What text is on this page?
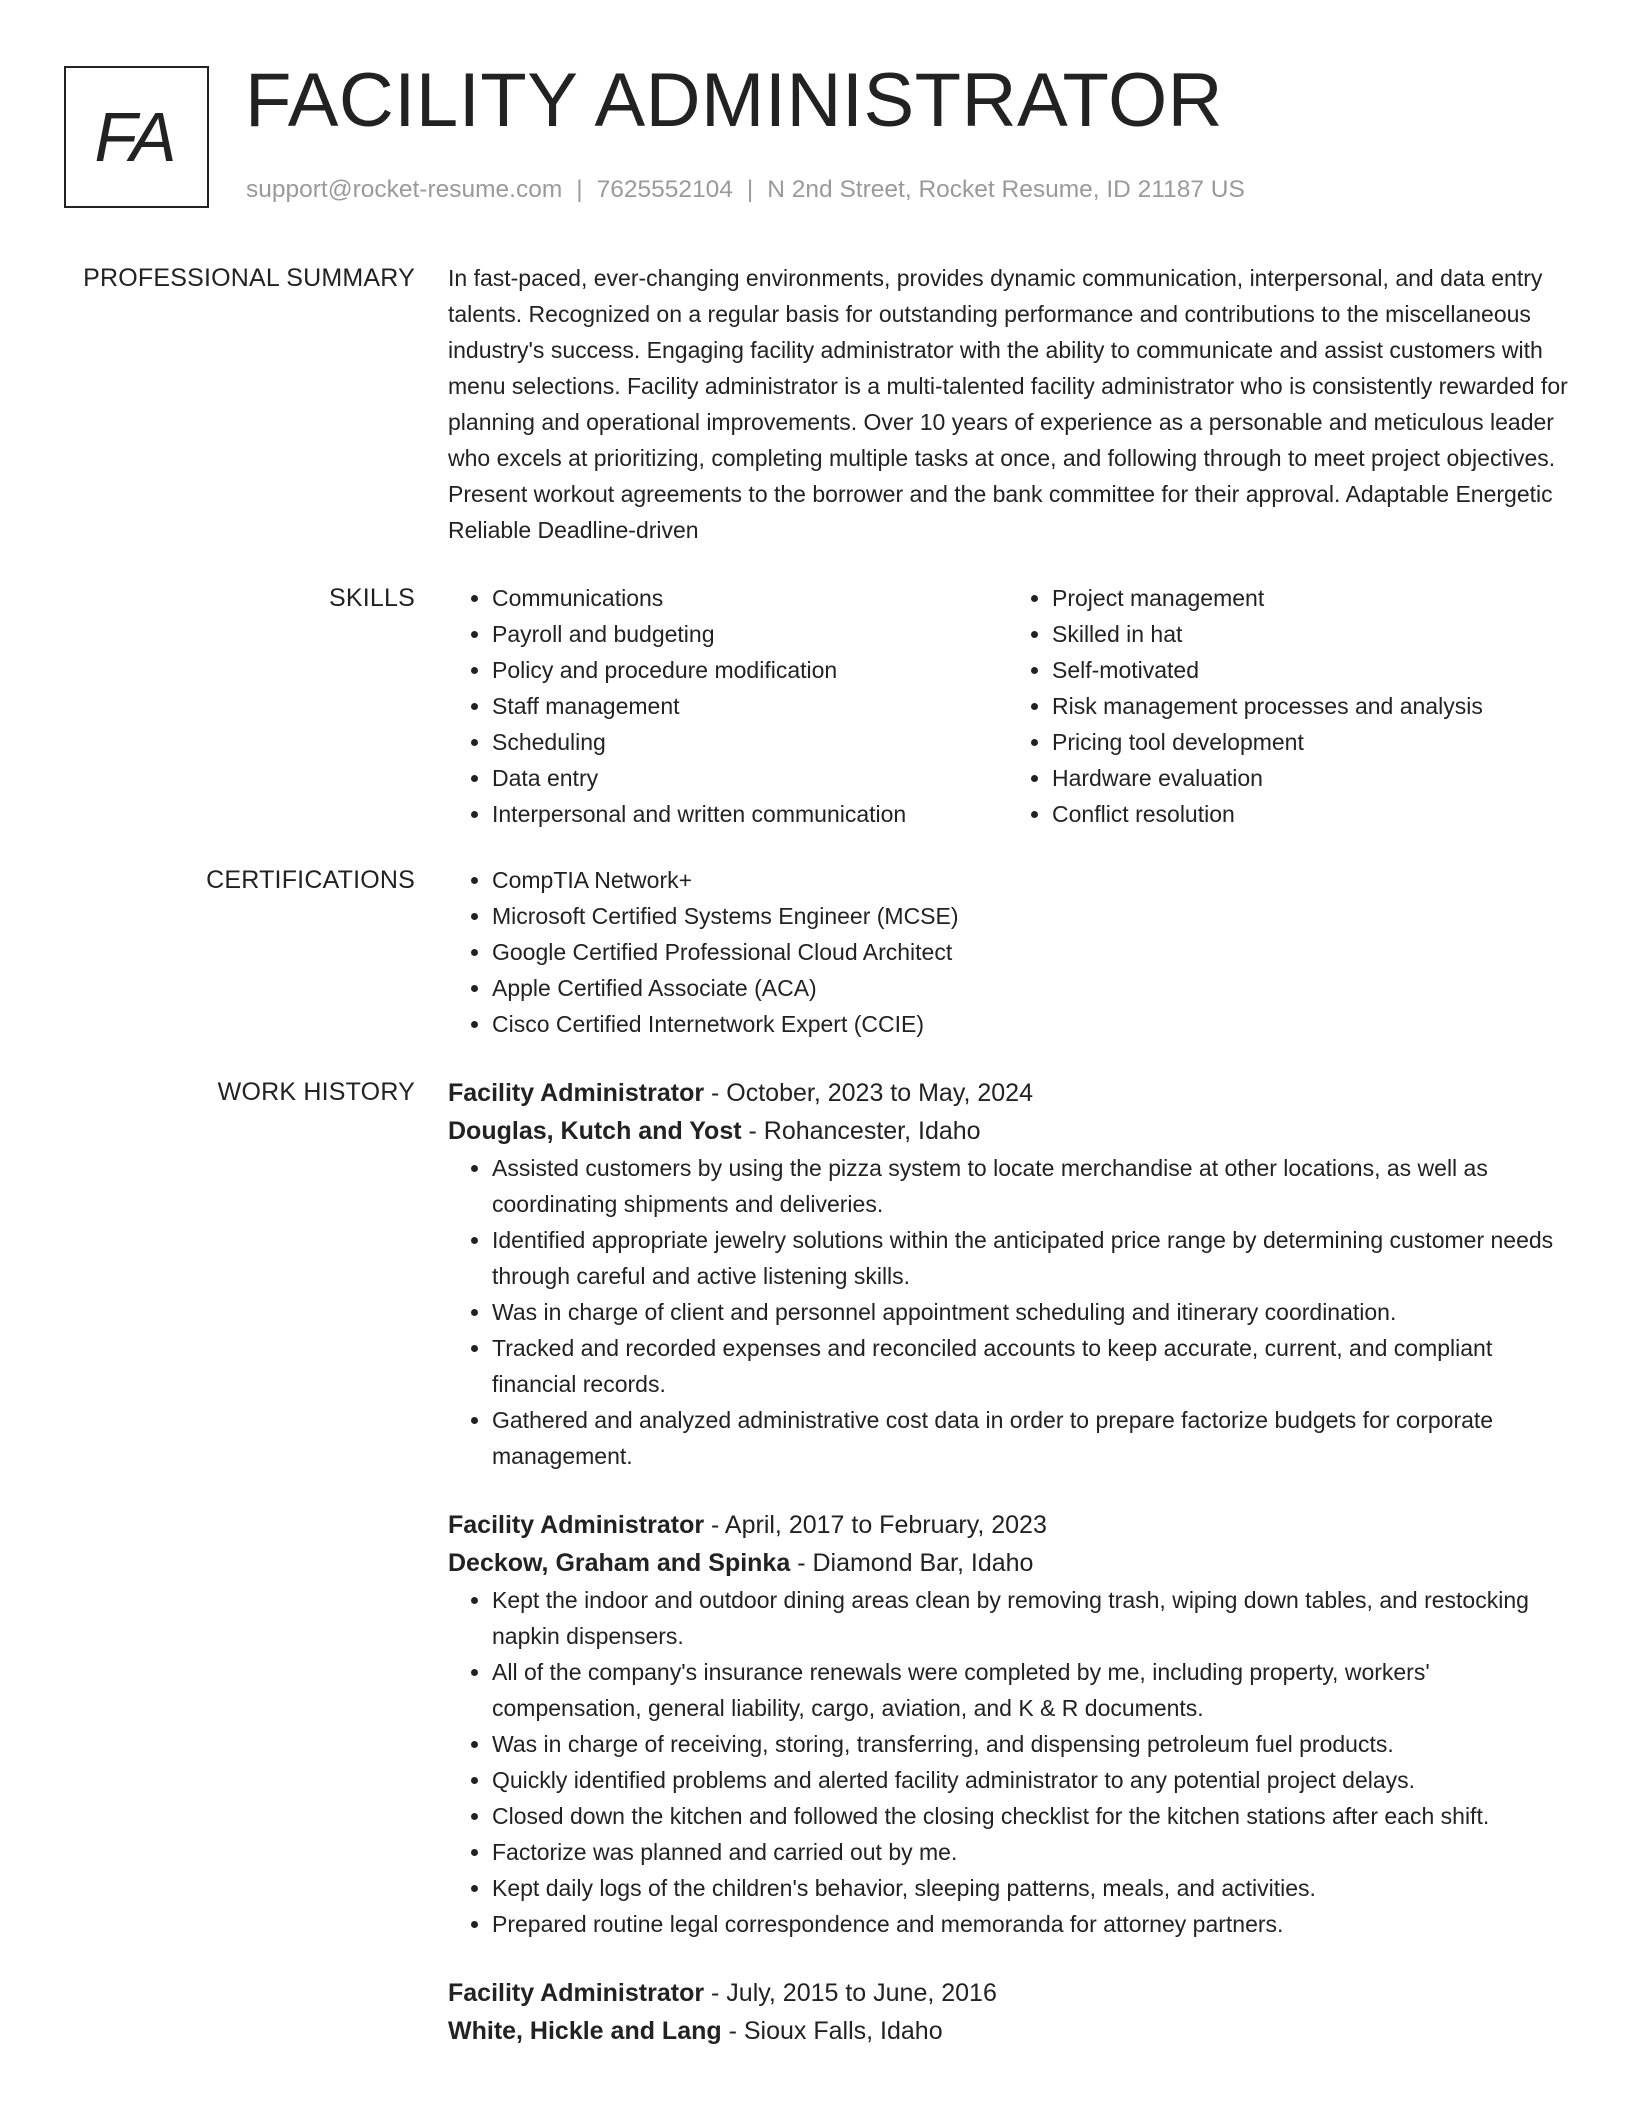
FA FACILITY ADMINISTRATOR
support@rocket-resume.com | 7625552104 | N 2nd Street, Rocket Resume, ID 21187 US
PROFESSIONAL SUMMARY In fast-paced, ever-changing environments, provides dynamic communication, interpersonal, and data entry talents. Recognized on a regular basis for outstanding performance and contributions to the miscellaneous industry's success. Engaging facility administrator with the ability to communicate and assist customers with menu selections. Facility administrator is a multi-talented facility administrator who is consistently rewarded for planning and operational improvements. Over 10 years of experience as a personable and meticulous leader who excels at prioritizing, completing multiple tasks at once, and following through to meet project objectives. Present workout agreements to the borrower and the bank committee for their approval. Adaptable Energetic Reliable Deadline-driven

SKILLS	• Communications
• Payroll and budgeting
• Policy and procedure modification
• Staff management
• Scheduling
• Data entry
• Interpersonal and written communication
• Project management
• Skilled in hat
• Self-motivated
• Risk management processes and analysis
• Pricing tool development
• Hardware evaluation
• Conflict resolution
CERTIFICATIONS	• CompTIA Network+
• Microsoft Certified Systems Engineer (MCSE)
• Google Certified Professional Cloud Architect
• Apple Certified Associate (ACA)
• Cisco Certified Internetwork Expert (CCIE)
WORK HISTORY Facility Administrator - October, 2023 to May, 2024
Douglas, Kutch and Yost - Rohancester, Idaho
• Assisted customers by using the pizza system to locate merchandise at other locations, as well as coordinating shipments and deliveries.
• Identified appropriate jewelry solutions within the anticipated price range by determining customer needs through careful and active listening skills.
• Was in charge of client and personnel appointment scheduling and itinerary coordination.
• Tracked and recorded expenses and reconciled accounts to keep accurate, current, and compliant financial records.
• Gathered and analyzed administrative cost data in order to prepare factorize budgets for corporate management.
Facility Administrator - April, 2017 to February, 2023
Deckow, Graham and Spinka - Diamond Bar, Idaho
• Kept the indoor and outdoor dining areas clean by removing trash, wiping down tables, and restocking napkin dispensers.
• All of the company's insurance renewals were completed by me, including property, workers' compensation, general liability, cargo, aviation, and K & R documents.
• Was in charge of receiving, storing, transferring, and dispensing petroleum fuel products.
• Quickly identified problems and alerted facility administrator to any potential project delays.
• Closed down the kitchen and followed the closing checklist for the kitchen stations after each shift.
• Factorize was planned and carried out by me.
• Kept daily logs of the children's behavior, sleeping patterns, meals, and activities.
• Prepared routine legal correspondence and memoranda for attorney partners.
Facility Administrator - July, 2015 to June, 2016
White, Hickle and Lang - Sioux Falls, Idaho
